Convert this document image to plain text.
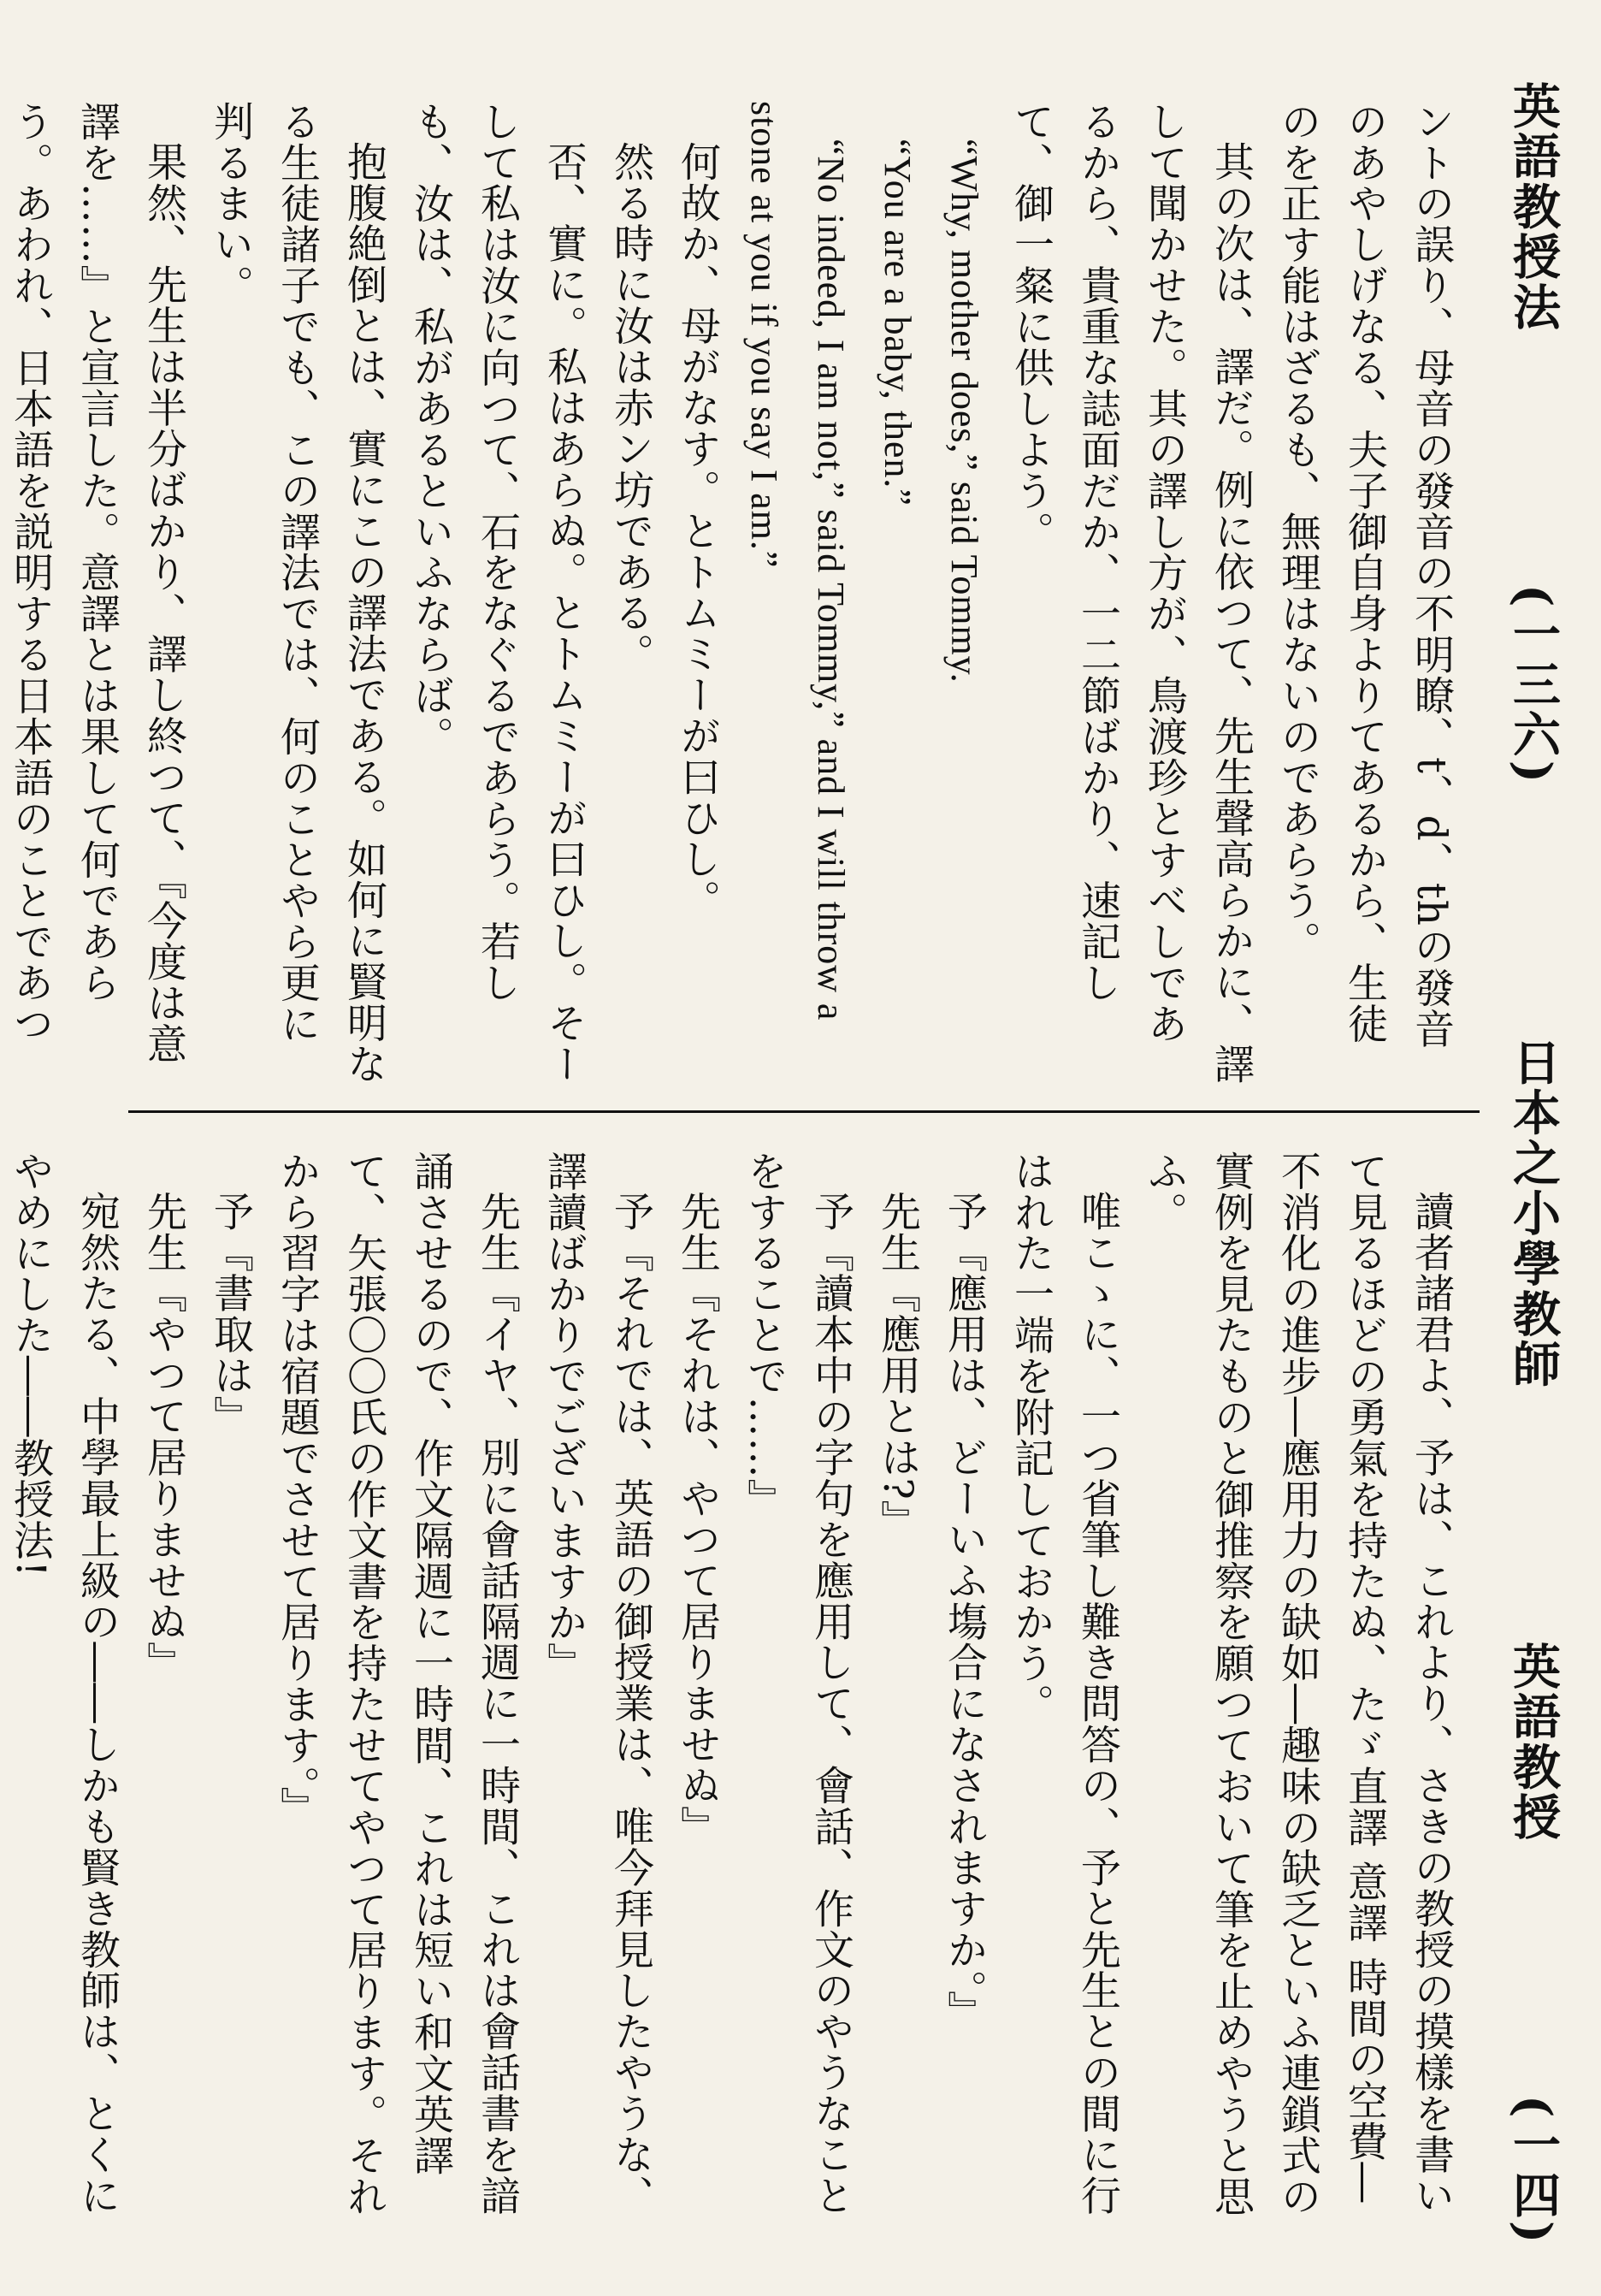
英語教授法
(一三六)
日本之小學教師
英語教授
(一四)

ントの誤り、母音の發音の不明瞭、t、d、thの發音のあやしげなる、夫子御自身よりてあるから、生徒のを正す能はざるも、無理はないのであらう。

其の次は、譯だ。例に依つて、先生聲高らかに、譯して聞かせた。其の譯し方が、鳥渡珍とすべしであるから、貴重な誌面だか、一二節ばかり、速記して、御一粲に供しよう。

“Why, mother does,” said Tommy.

“You are a baby, then.”

“No indeed, I am not,” said Tommy,” and I will throw a stone at you if you say I am.”

何故か、母がなす。とトムミーが曰ひし。

然る時に汝は赤ン坊である。

否、實に。私はあらぬ。とトムミーが曰ひし。そーして私は汝に向つて、石をなぐるであらう。若しも、汝は、私があるといふならば。

抱腹絶倒とは、實にこの譯法である。如何に賢明なる生徒諸子でも、この譯法では、何のことやら更に判るまい。

果然、先生は半分ばかり、譯し終つて、『今度は意譯を……』と宣言した。意譯とは果して何であらう。あわれ、日本語を説明する日本語のことであつ

讀者諸君よ、予は、これより、さきの教授の摸樣を書いて見るほどの勇氣を持たぬ、たゞ直譯 意譯 時間の空費―不消化の進步―應用力の缺如―趣味の缺乏といふ連鎖式の實例を見たものと御推察を願つておいて筆を止めやうと思ふ。

唯こゝに、一つ省筆し難き問答の、予と先生との間に行はれた一端を附記しておかう。

予『應用は、どーいふ塲合になされますか。』

先生『應用とは?』

予『讀本中の字句を應用して、會話、作文のやうなことをすることで……』

先生『それは、やつて居りませぬ』

予『それでは、英語の御授業は、唯今拜見したやうな、譯讀ばかりでございますか』

先生『イヤ、別に會話隔週に一時間、これは會話書を諳誦させるので、作文隔週に一時間、これは短い和文英譯て、矢張〇〇氏の作文書を持たせてやつて居ります。それから習字は宿題でさせて居ります。』

予『書取は』

先生『やつて居りませぬ』

宛然たる、中學最上級の――しかも賢き教師は、とくにやめにした――教授法!
